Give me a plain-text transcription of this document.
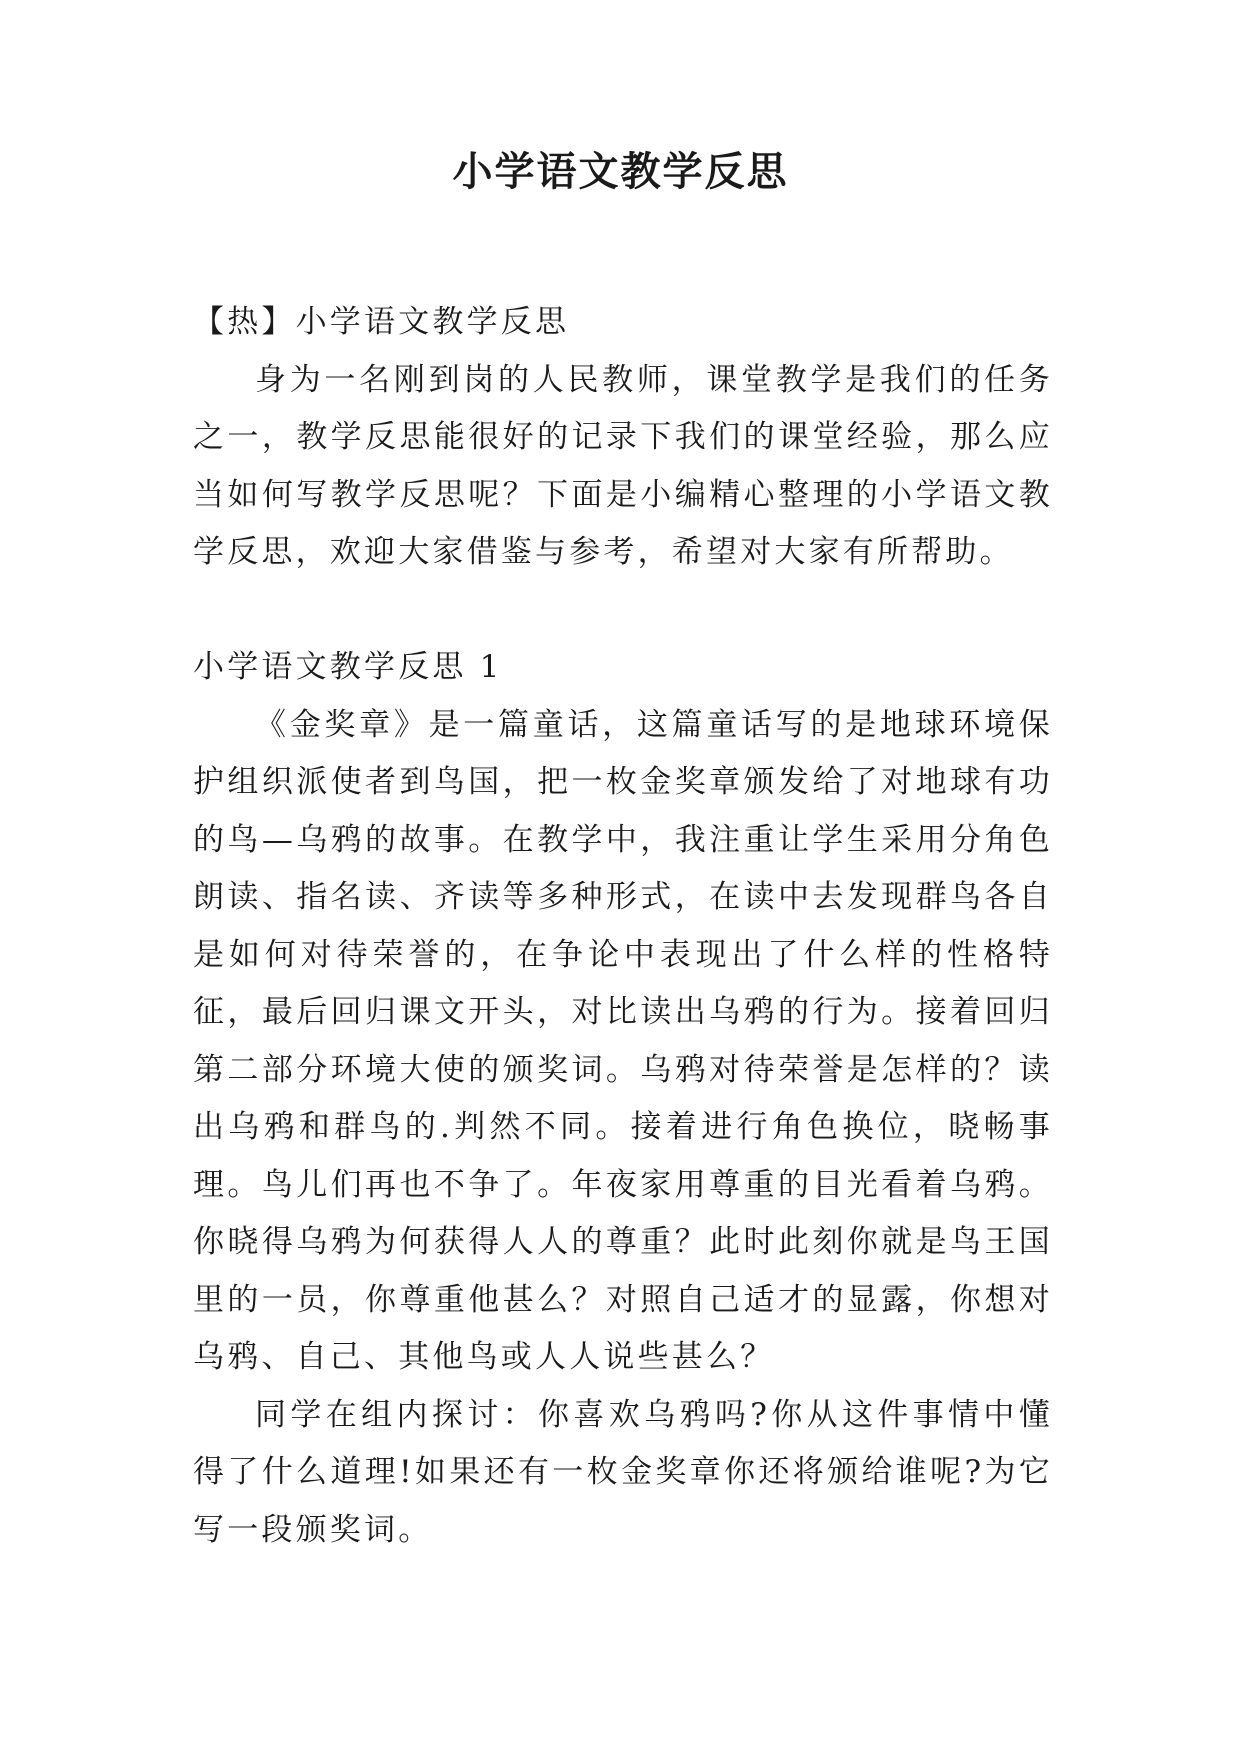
小学语文教学反思

【热】小学语文教学反思

身为一名刚到岗的人民教师，课堂教学是我们的任务之一，教学反思能很好的记录下我们的课堂经验，那么应当如何写教学反思呢？下面是小编精心整理的小学语文教学反思，欢迎大家借鉴与参考，希望对大家有所帮助。

小学语文教学反思 1

《金奖章》是一篇童话，这篇童话写的是地球环境保护组织派使者到鸟国，把一枚金奖章颁发给了对地球有功的鸟—乌鸦的故事。在教学中，我注重让学生采用分角色朗读、指名读、齐读等多种形式，在读中去发现群鸟各自是如何对待荣誉的，在争论中表现出了什么样的性格特征，最后回归课文开头，对比读出乌鸦的行为。接着回归第二部分环境大使的颁奖词。乌鸦对待荣誉是怎样的？读出乌鸦和群鸟的.判然不同。接着进行角色换位，晓畅事理。鸟儿们再也不争了。年夜家用尊重的目光看着乌鸦。你晓得乌鸦为何获得人人的尊重？此时此刻你就是鸟王国里的一员，你尊重他甚么？对照自己适才的显露，你想对乌鸦、自己、其他鸟或人人说些甚么？

同学在组内探讨：你喜欢乌鸦吗?你从这件事情中懂得了什么道理!如果还有一枚金奖章你还将颁给谁呢?为它写一段颁奖词。
